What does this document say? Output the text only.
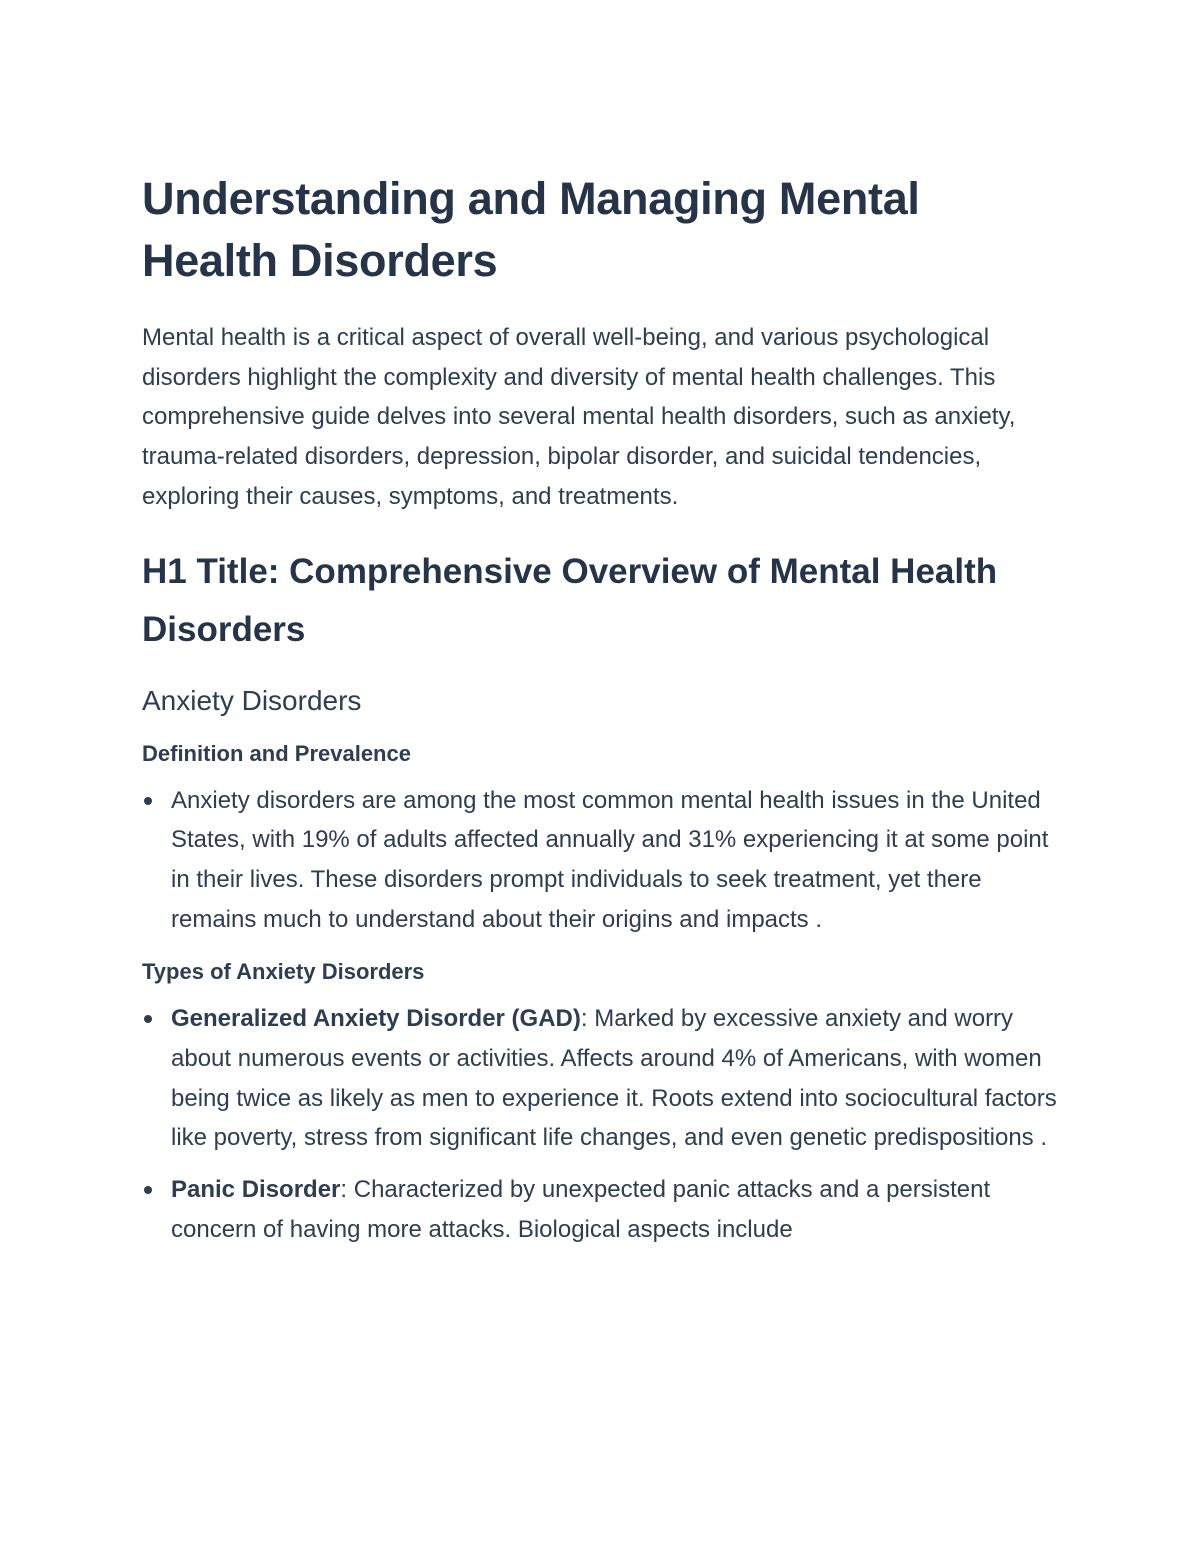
Understanding and Managing Mental Health Disorders

Mental health is a critical aspect of overall well-being, and various psychological disorders highlight the complexity and diversity of mental health challenges. This comprehensive guide delves into several mental health disorders, such as anxiety, trauma-related disorders, depression, bipolar disorder, and suicidal tendencies, exploring their causes, symptoms, and treatments.

H1 Title: Comprehensive Overview of Mental Health Disorders
Anxiety Disorders
Definition and Prevalence
Anxiety disorders are among the most common mental health issues in the United States, with 19% of adults affected annually and 31% experiencing it at some point in their lives. These disorders prompt individuals to seek treatment, yet there remains much to understand about their origins and impacts .
Types of Anxiety Disorders
Generalized Anxiety Disorder (GAD): Marked by excessive anxiety and worry about numerous events or activities. Affects around 4% of Americans, with women being twice as likely as men to experience it. Roots extend into sociocultural factors like poverty, stress from significant life changes, and even genetic predispositions .
Panic Disorder: Characterized by unexpected panic attacks and a persistent concern of having more attacks. Biological aspects include
